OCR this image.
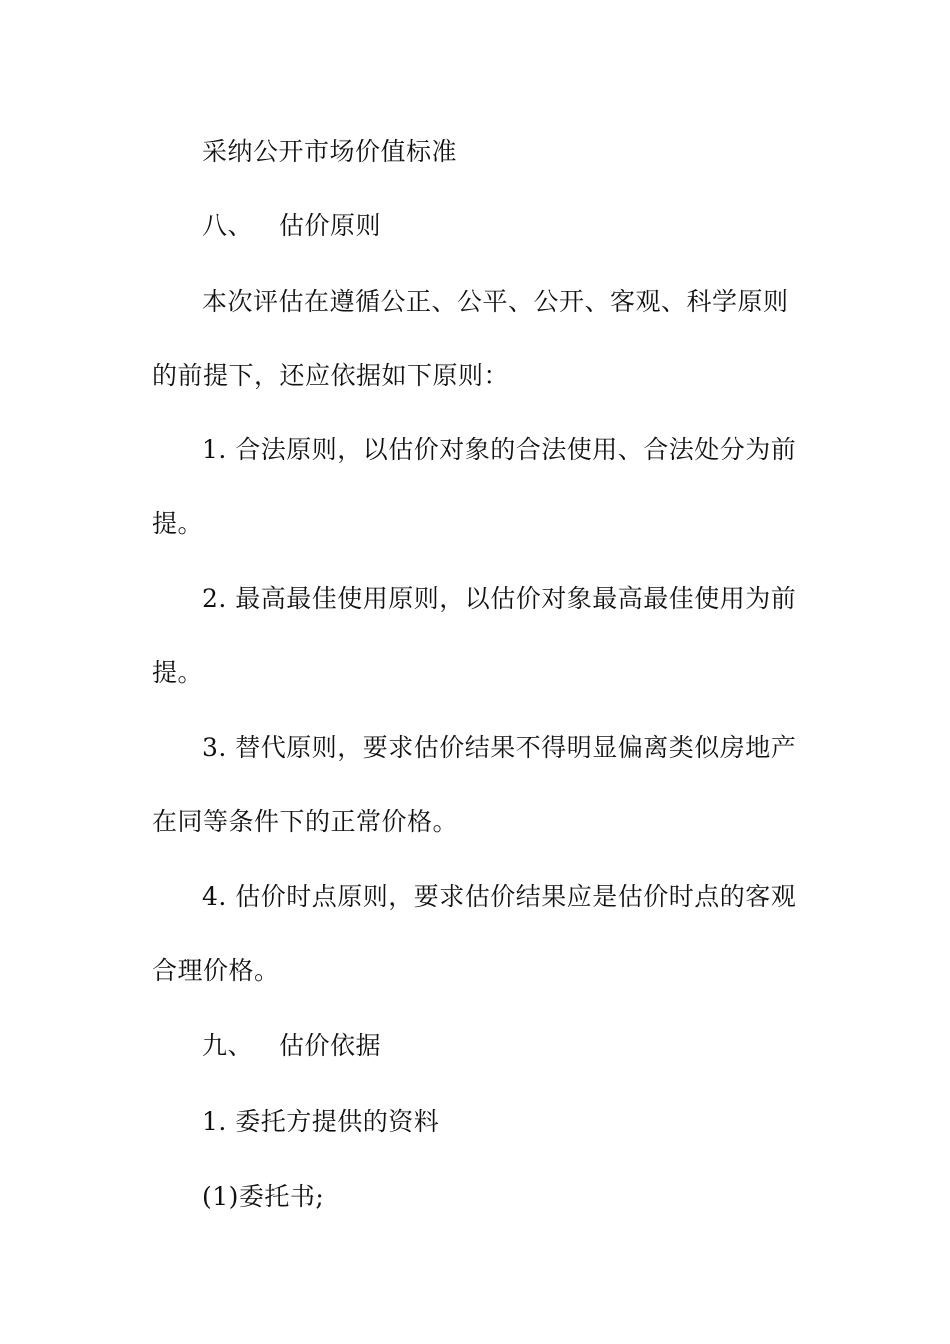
采纳公开市场价值标准
八、 估价原则
本次评估在遵循公正、公平、公开、客观、科学原则
的前提下，还应依据如下原则：
1. 合法原则，以估价对象的合法使用、合法处分为前
提。
2. 最高最佳使用原则，以估价对象最高最佳使用为前
提。
3. 替代原则，要求估价结果不得明显偏离类似房地产
在同等条件下的正常价格。
4. 估价时点原则，要求估价结果应是估价时点的客观
合理价格。
九、 估价依据
1. 委托方提供的资料
(1)委托书;
